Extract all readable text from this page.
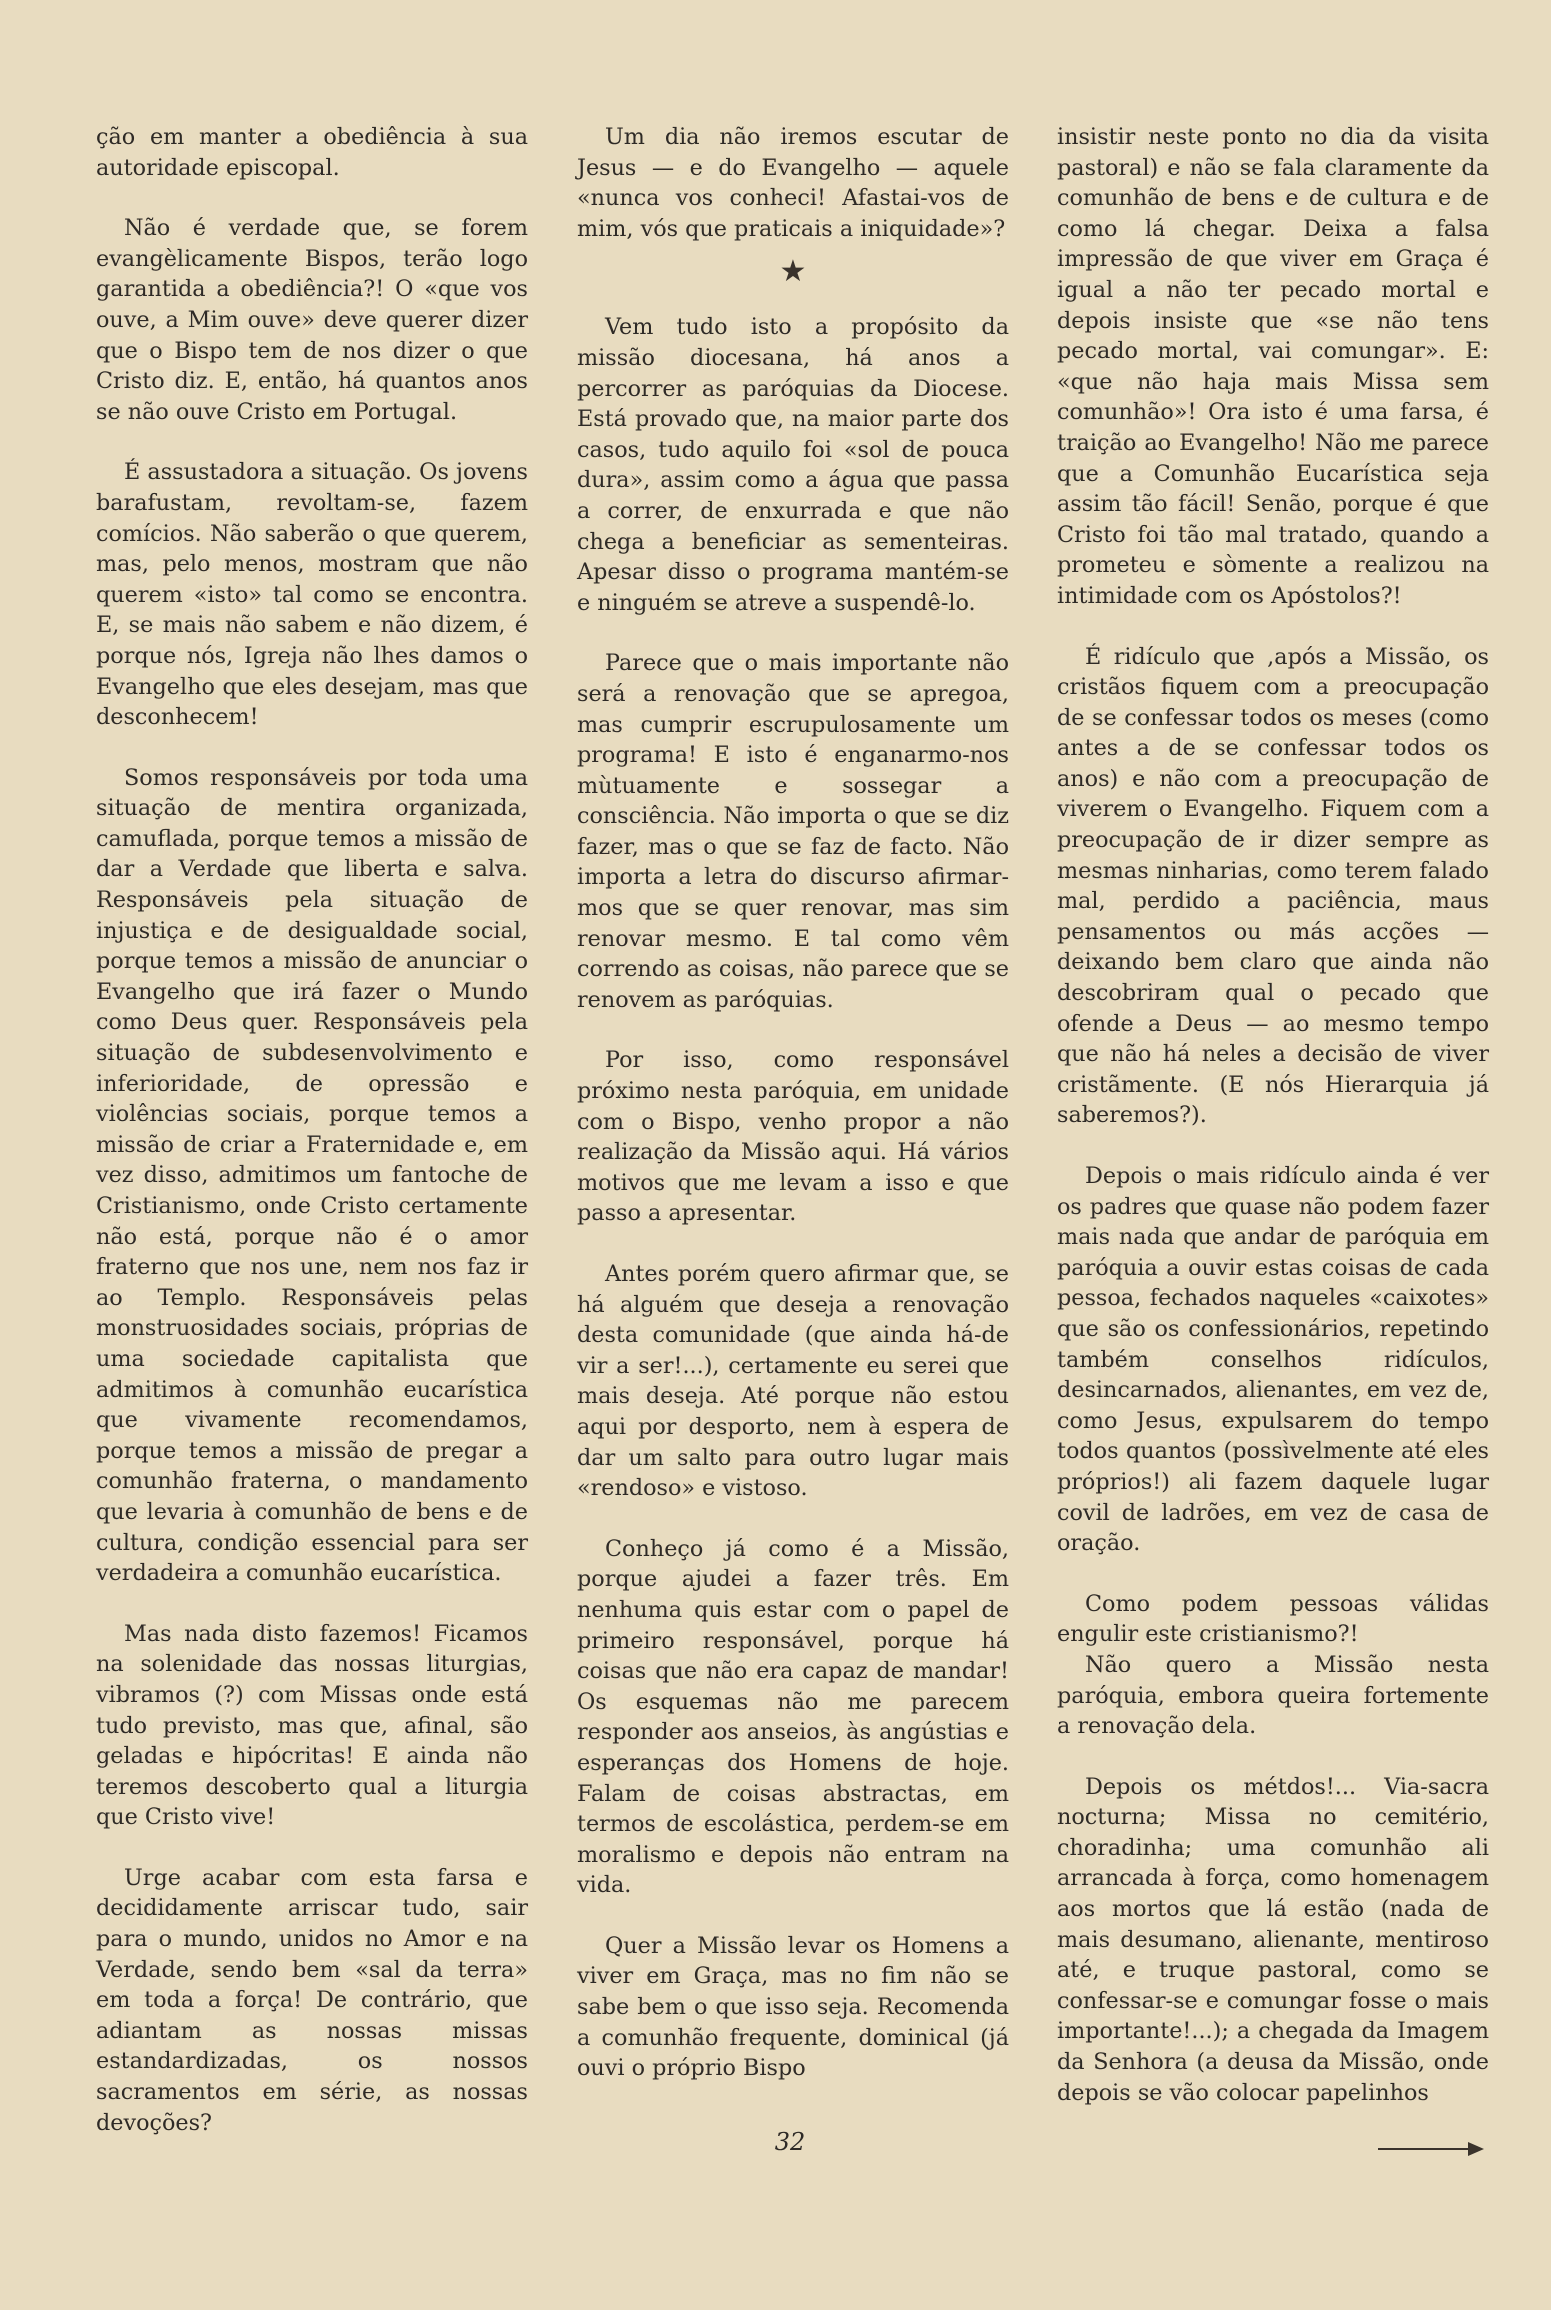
ção em manter a obediência à sua autoridade episcopal.

Não é verdade que, se forem evangèlicamente Bispos, terão logo garantida a obediência?! O «que vos ouve, a Mim ouve» deve querer dizer que o Bispo tem de nos dizer o que Cristo diz. E, então, há quantos anos se não ouve Cristo em Portugal.

É assustadora a situação. Os jovens barafustam, revoltam-se, fazem comícios. Não saberão o que querem, mas, pelo menos, mostram que não querem «isto» tal como se encontra. E, se mais não sabem e não dizem, é porque nós, Igreja não lhes damos o Evangelho que eles desejam, mas que desconhecem!

Somos responsáveis por toda uma situação de mentira organizada, camuflada, porque temos a missão de dar a Verdade que liberta e salva. Responsáveis pela situação de injustiça e de desigualdade social, porque temos a missão de anunciar o Evangelho que irá fazer o Mundo como Deus quer. Responsáveis pela situação de subdesenvolvimento e inferioridade, de opressão e violências sociais, porque temos a missão de criar a Fraternidade e, em vez disso, admitimos um fantoche de Cristianismo, onde Cristo certamente não está, porque não é o amor fraterno que nos une, nem nos faz ir ao Templo. Responsáveis pelas monstruosidades sociais, próprias de uma sociedade capitalista que admitimos à comunhão eucarística que vivamente recomendamos, porque temos a missão de pregar a comunhão fraterna, o mandamento que levaria à comunhão de bens e de cultura, condição essencial para ser verdadeira a comunhão eucarística.

Mas nada disto fazemos! Ficamos na solenidade das nossas liturgias, vibramos (?) com Missas onde está tudo previsto, mas que, afinal, são geladas e hipócritas! E ainda não teremos descoberto qual a liturgia que Cristo vive!

Urge acabar com esta farsa e decididamente arriscar tudo, sair para o mundo, unidos no Amor e na Verdade, sendo bem «sal da terra» em toda a força! De contrário, que adiantam as nossas missas estandardizadas, os nossos sacramentos em série, as nossas devoções?

Um dia não iremos escutar de Jesus — e do Evangelho — aquele «nunca vos conheci! Afastai-vos de mim, vós que praticais a iniquidade»?

★

Vem tudo isto a propósito da missão diocesana, há anos a percorrer as paróquias da Diocese. Está provado que, na maior parte dos casos, tudo aquilo foi «sol de pouca dura», assim como a água que passa a correr, de enxurrada e que não chega a beneficiar as sementeiras. Apesar disso o programa mantém-se e ninguém se atreve a suspendê-lo.

Parece que o mais importante não será a renovação que se apregoa, mas cumprir escrupulosamente um programa! E isto é enganarmo-nos mùtuamente e sossegar a consciência. Não importa o que se diz fazer, mas o que se faz de facto. Não importa a letra do discurso afirmar-mos que se quer renovar, mas sim renovar mesmo. E tal como vêm correndo as coisas, não parece que se renovem as paróquias.

Por isso, como responsável próximo nesta paróquia, em unidade com o Bispo, venho propor a não realização da Missão aqui. Há vários motivos que me levam a isso e que passo a apresentar.

Antes porém quero afirmar que, se há alguém que deseja a renovação desta comunidade (que ainda há-de vir a ser!...), certamente eu serei que mais deseja. Até porque não estou aqui por desporto, nem à espera de dar um salto para outro lugar mais «rendoso» e vistoso.

Conheço já como é a Missão, porque ajudei a fazer três. Em nenhuma quis estar com o papel de primeiro responsável, porque há coisas que não era capaz de mandar! Os esquemas não me parecem responder aos anseios, às angústias e esperanças dos Homens de hoje. Falam de coisas abstractas, em termos de escolástica, perdem-se em moralismo e depois não entram na vida.

Quer a Missão levar os Homens a viver em Graça, mas no fim não se sabe bem o que isso seja. Recomenda a comunhão frequente, dominical (já ouvi o próprio Bispo

insistir neste ponto no dia da visita pastoral) e não se fala claramente da comunhão de bens e de cultura e de como lá chegar. Deixa a falsa impressão de que viver em Graça é igual a não ter pecado mortal e depois insiste que «se não tens pecado mortal, vai comungar». E: «que não haja mais Missa sem comunhão»! Ora isto é uma farsa, é traição ao Evangelho! Não me parece que a Comunhão Eucarística seja assim tão fácil! Senão, porque é que Cristo foi tão mal tratado, quando a prometeu e sòmente a realizou na intimidade com os Apóstolos?!

É ridículo que ,após a Missão, os cristãos fiquem com a preocupação de se confessar todos os meses (como antes a de se confessar todos os anos) e não com a preocupação de viverem o Evangelho. Fiquem com a preocupação de ir dizer sempre as mesmas ninharias, como terem falado mal, perdido a paciência, maus pensamentos ou más acções — deixando bem claro que ainda não descobriram qual o pecado que ofende a Deus — ao mesmo tempo que não há neles a decisão de viver cristãmente. (E nós Hierarquia já saberemos?).

Depois o mais ridículo ainda é ver os padres que quase não podem fazer mais nada que andar de paróquia em paróquia a ouvir estas coisas de cada pessoa, fechados naqueles «caixotes» que são os confessionários, repetindo também conselhos ridículos, desincarnados, alienantes, em vez de, como Jesus, expulsarem do tempo todos quantos (possìvelmente até eles próprios!) ali fazem daquele lugar covil de ladrões, em vez de casa de oração.

Como podem pessoas válidas engulir este cristianismo?!

Não quero a Missão nesta paróquia, embora queira fortemente a renovação dela.

Depois os métdos!... Via-sacra nocturna; Missa no cemitério, choradinha; uma comunhão ali arrancada à força, como homenagem aos mortos que lá estão (nada de mais desumano, alienante, mentiroso até, e truque pastoral, como se confessar-se e comungar fosse o mais importante!...); a chegada da Imagem da Senhora (a deusa da Missão, onde depois se vão colocar papelinhos

32
